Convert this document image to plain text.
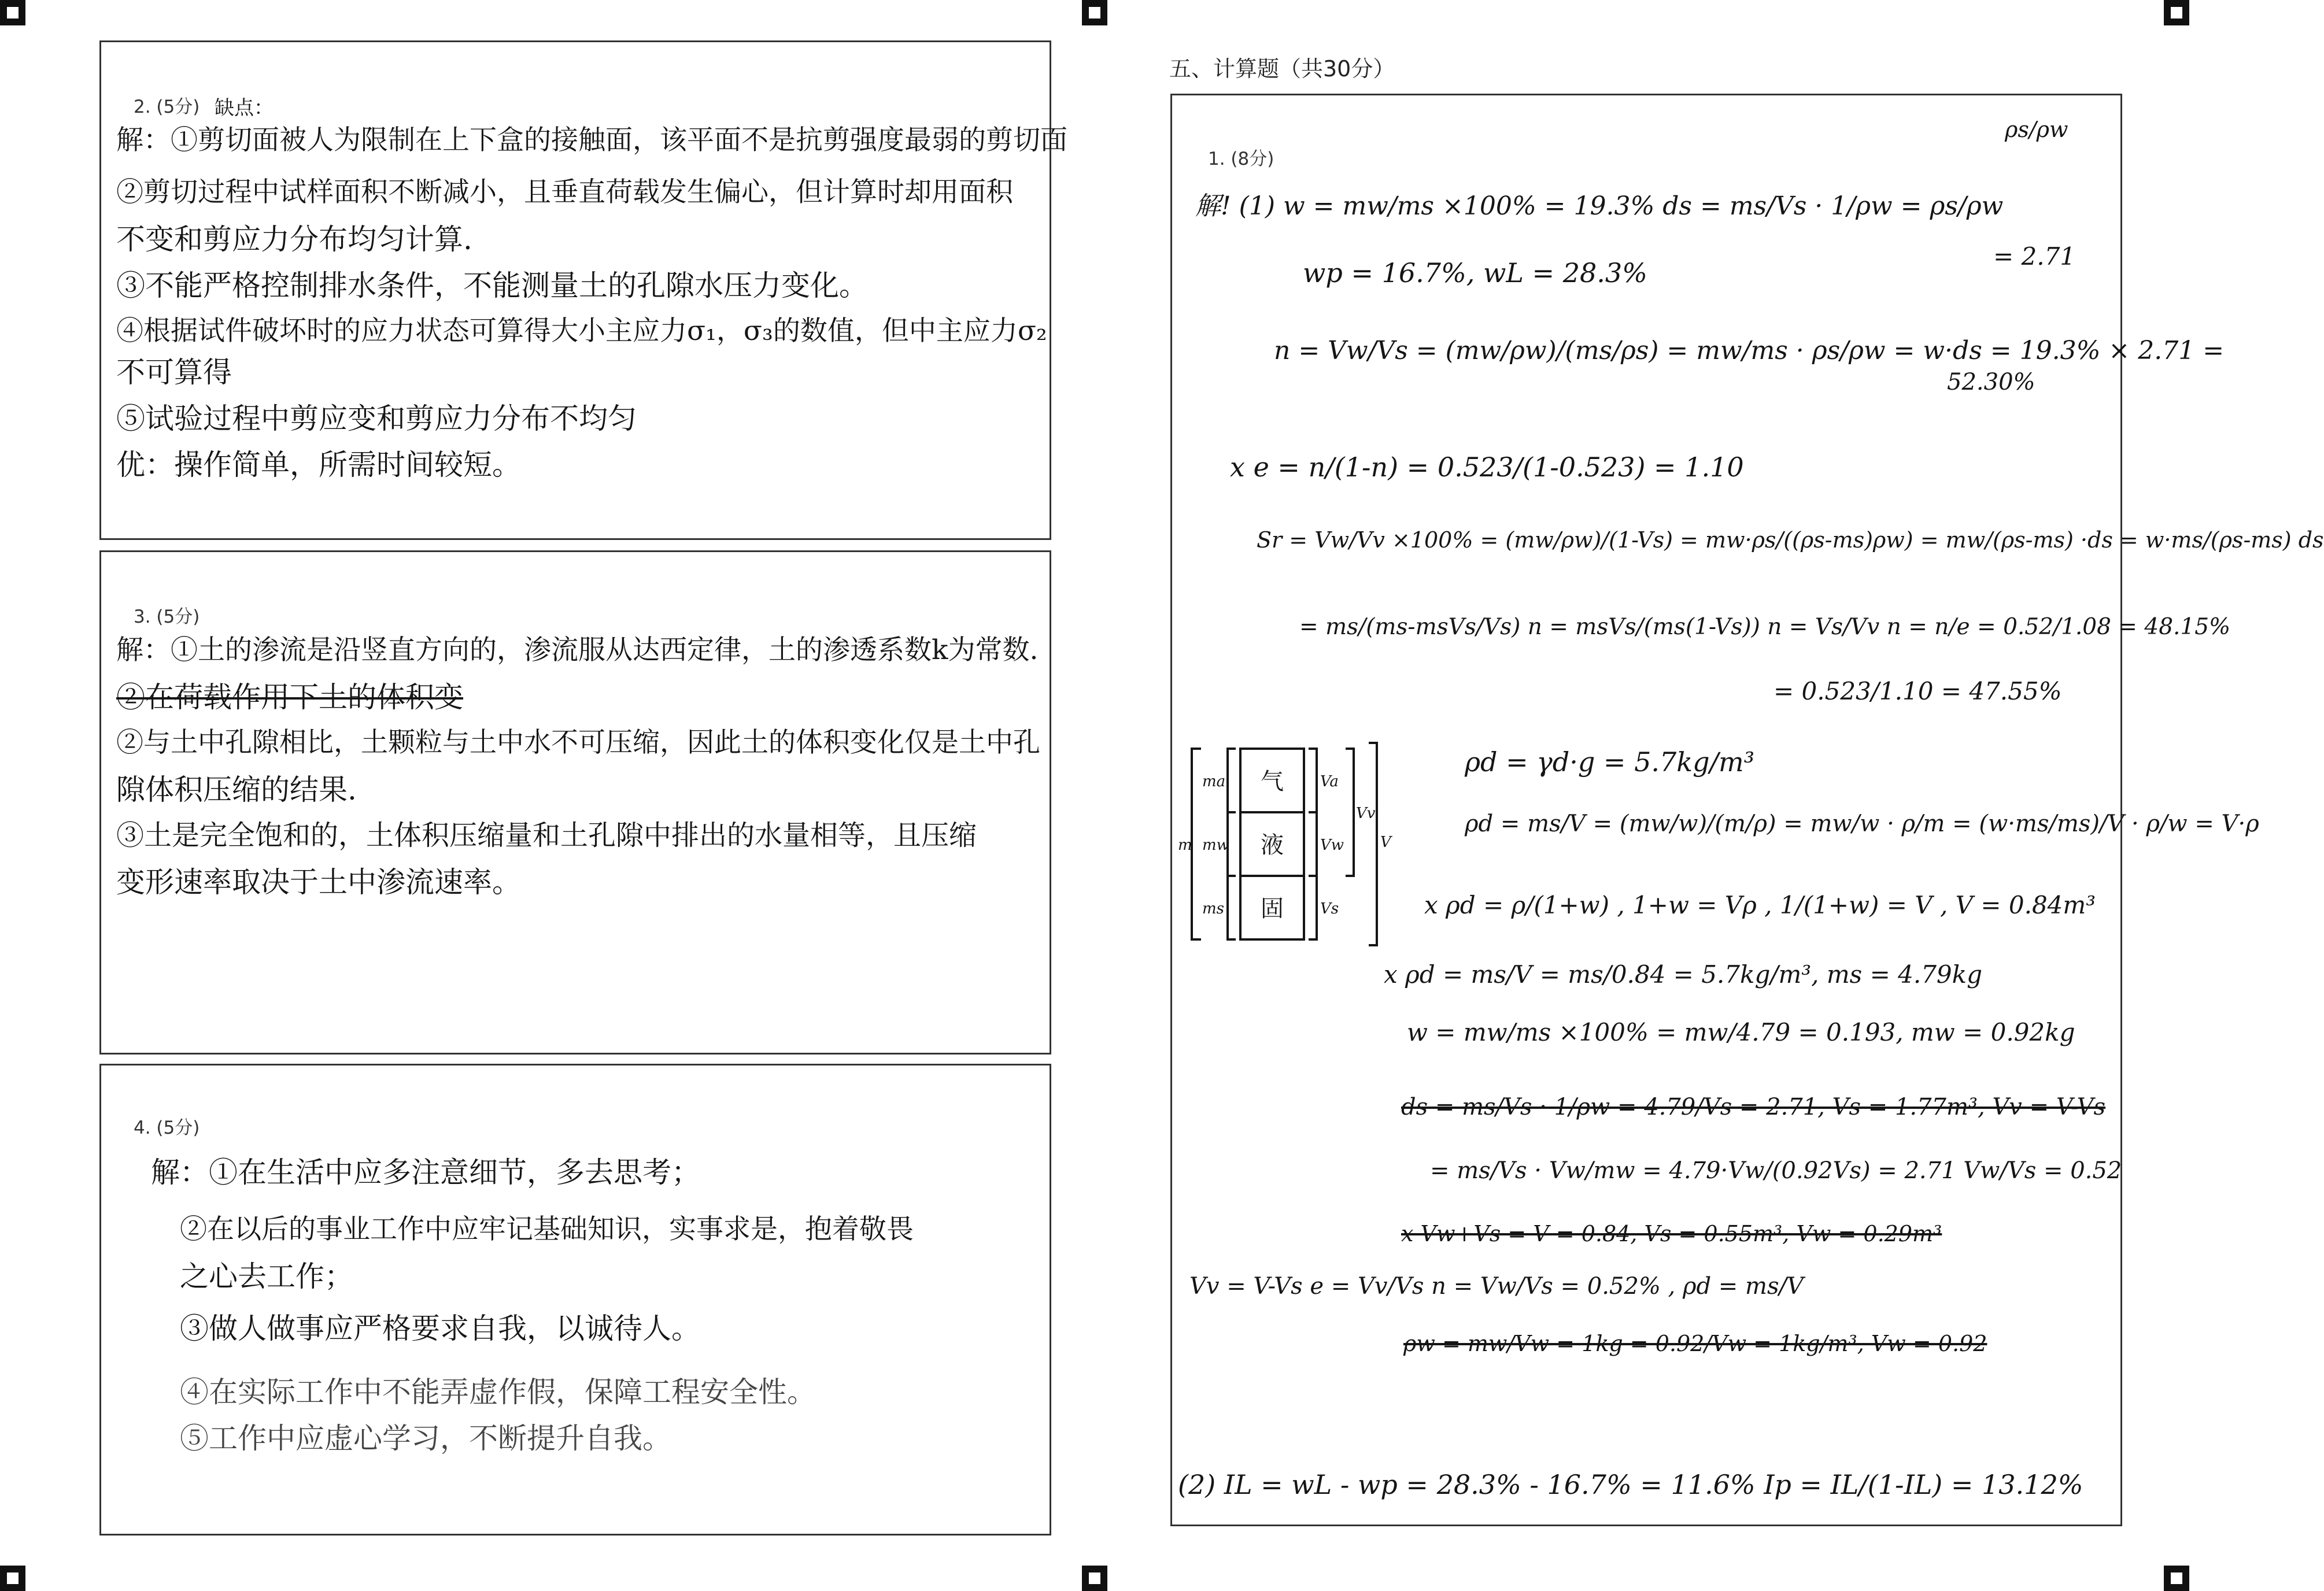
2. (5分) 缺点：
解：①剪切面被人为限制在上下盒的接触面，该平面不是抗剪强度最弱的剪切面
②剪切过程中试样面积不断减小，且垂直荷载发生偏心，但计算时却用面积
不变和剪应力分布均匀计算.
③不能严格控制排水条件，不能测量土的孔隙水压力变化。
④根据试件破坏时的应力状态可算得大小主应力σ₁，σ₃的数值，但中主应力σ₂
不可算得
⑤试验过程中剪应变和剪应力分布不均匀
优：操作简单，所需时间较短。
3. (5分)
解：①土的渗流是沿竖直方向的，渗流服从达西定律，土的渗透系数k为常数.
②在荷载作用下土的体积变
②与土中孔隙相比，土颗粒与土中水不可压缩，因此土的体积变化仅是土中孔
隙体积压缩的结果.
③土是完全饱和的，土体积压缩量和土孔隙中排出的水量相等，且压缩
变形速率取决于土中渗流速率。
4. (5分)
解：①在生活中应多注意细节，多去思考；
②在以后的事业工作中应牢记基础知识，实事求是，抱着敬畏
之心去工作；
③做人做事应严格要求自我，以诚待人。
④在实际工作中不能弄虚作假，保障工程安全性。
⑤工作中应虚心学习，不断提升自我。
五、计算题（共30分）
1. (8分)
ρs/ρw
解! (1) w = mw/ms ×100% = 19.3% ds = ms/Vs · 1/ρw = ρs/ρw
= 2.71
wp = 16.7%, wL = 28.3%
n = Vw/Vs = (mw/ρw)/(ms/ρs) = mw/ms · ρs/ρw = w·ds = 19.3% × 2.71 =
52.30%
x e = n/(1-n) = 0.523/(1-0.523) = 1.10
Sr = Vw/Vv ×100% = (mw/ρw)/(1-Vs) = mw·ρs/((ρs-ms)ρw) = mw/(ρs-ms) ·ds = w·ms/(ρs-ms) ds
= ms/(ms-msVs/Vs) n = msVs/(ms(1-Vs)) n = Vs/Vv n = n/e = 0.52/1.08 = 48.15%
= 0.523/1.10 = 47.55%
气
液
固
Va
Vw
Vs
Vv
V
ma
mw
ms
m
ρd = γd·g = 5.7kg/m³
ρd = ms/V = (mw/w)/(m/ρ) = mw/w · ρ/m = (w·ms/ms)/V · ρ/w = V·ρ
x ρd = ρ/(1+w) , 1+w = Vρ , 1/(1+w) = V , V = 0.84m³
x ρd = ms/V = ms/0.84 = 5.7kg/m³, ms = 4.79kg
w = mw/ms ×100% = mw/4.79 = 0.193, mw = 0.92kg
ds = ms/Vs · 1/ρw = 4.79/Vs = 2.71, Vs = 1.77m³, Vv = V-Vs
= ms/Vs · Vw/mw = 4.79·Vw/(0.92Vs) = 2.71 Vw/Vs = 0.52
x Vw+Vs = V = 0.84, Vs = 0.55m³, Vw = 0.29m³
Vv = V-Vs e = Vv/Vs n = Vw/Vs = 0.52% , ρd = ms/V
ρw = mw/Vw = 1kg = 0.92/Vw = 1kg/m³, Vw = 0.92
(2) IL = wL - wp = 28.3% - 16.7% = 11.6% Ip = IL/(1-IL) = 13.12%
